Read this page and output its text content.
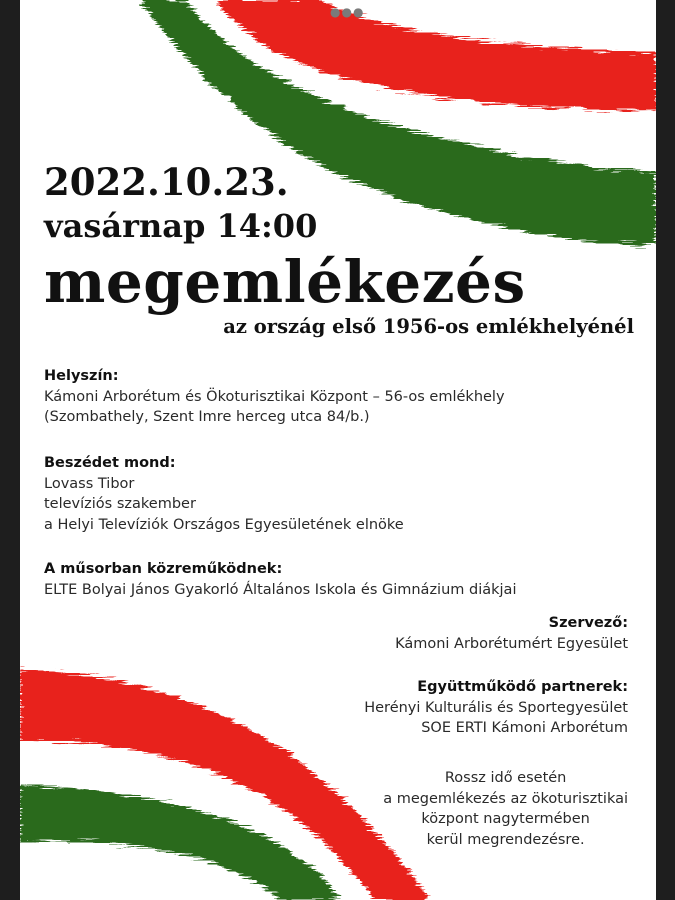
●●●
2022.10.23.
vasárnap 14:00
megemlékezés
az ország első 1956-os emlékhelyénél
Helyszín:
Kámoni Arborétum és Ökoturisztikai Központ – 56-os emlékhely
(Szombathely, Szent Imre herceg utca 84/b.)
Beszédet mond:
Lovass Tibor
televíziós szakember
a Helyi Televíziók Országos Egyesületének elnöke
A műsorban közreműködnek:
ELTE Bolyai János Gyakorló Általános Iskola és Gimnázium diákjai
Szervező:
Kámoni Arborétumért Egyesület
Együttműködő partnerek:
Herényi Kulturális és Sportegyesület
SOE ERTI Kámoni Arborétum
Rossz idő esetén
a megemlékezés az ökoturisztikai
központ nagytermében
kerül megrendezésre.
